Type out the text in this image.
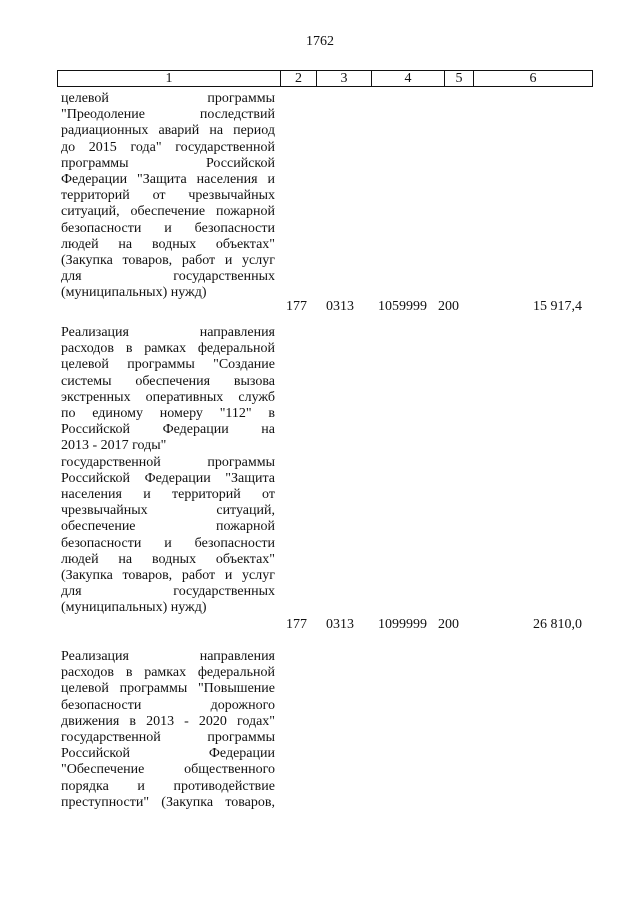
1762
1	2	3	4	5	6
целевой программы
"Преодоление последствий
радиационных аварий на период
до 2015 года" государственной
программы Российской
Федерации "Защита населения и
территорий от чрезвычайных
ситуаций, обеспечение пожарной
безопасности и безопасности
людей на водных объектах"
(Закупка товаров, работ и услуг
для государственных
(муниципальных) нужд)
177 0313 1059999 200	15 917,4
Реализация направления
расходов в рамках федеральной
целевой программы "Создание
системы обеспечения вызова
экстренных оперативных служб
по единому номеру "112" в
Российской Федерации на
2013 - 2017 годы"
государственной программы
Российской Федерации "Защита
населения и территорий от
чрезвычайных ситуаций,
обеспечение пожарной
безопасности и безопасности
людей на водных объектах"
(Закупка товаров, работ и услуг
для государственных
(муниципальных) нужд)
177 0313 1099999 200	26 810,0
Реализация направления
расходов в рамках федеральной
целевой программы "Повышение
безопасности дорожного
движения в 2013 - 2020 годах"
государственной программы
Российской Федерации
"Обеспечение общественного
порядка и противодействие
преступности" (Закупка товаров,
